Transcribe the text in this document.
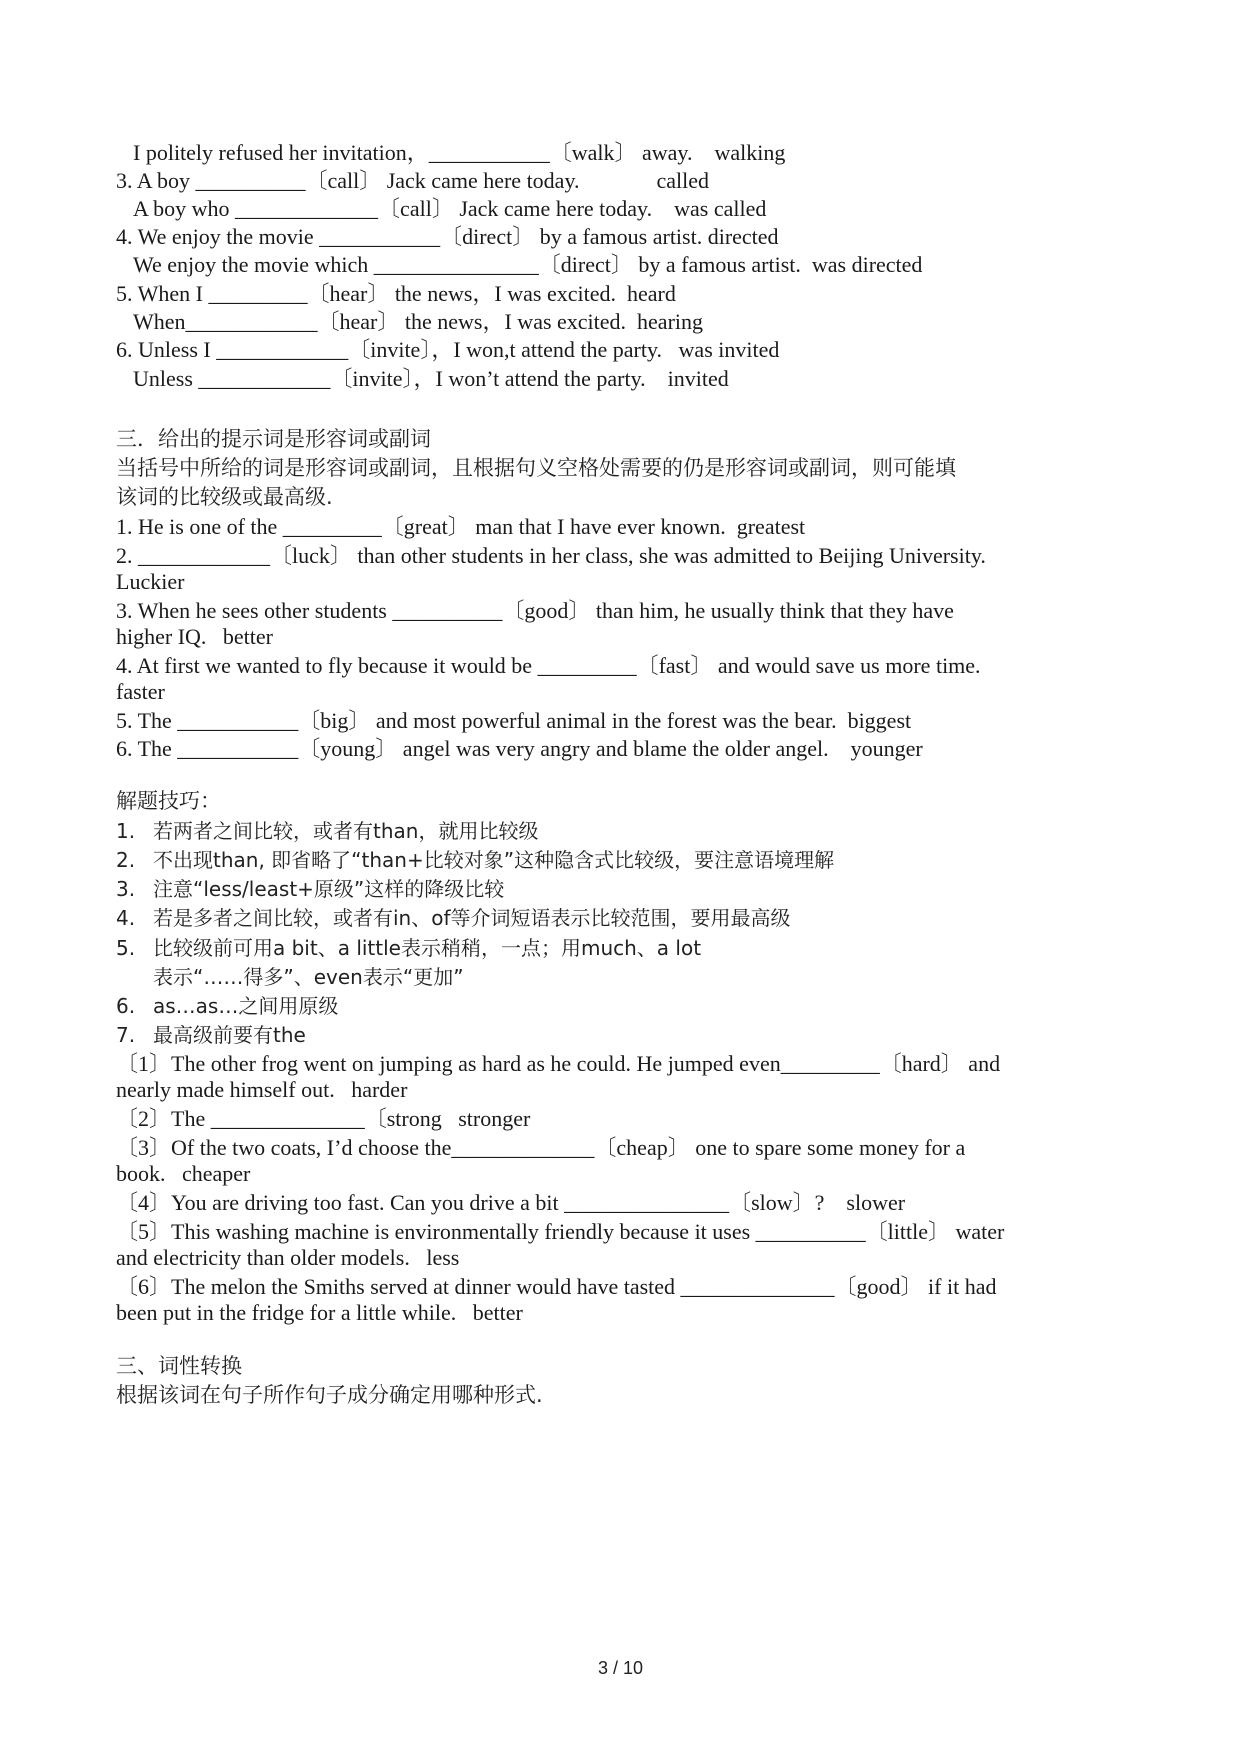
I politely refused her invitation，___________〔walk〕 away.    walking
3. A boy __________〔call〕 Jack came here today.              called
A boy who _____________〔call〕 Jack came here today.    was called
4. We enjoy the movie ___________〔direct〕 by a famous artist. directed
We enjoy the movie which _______________〔direct〕 by a famous artist.  was directed
5. When I _________〔hear〕 the news，I was excited.  heard
When____________〔hear〕 the news，I was excited.  hearing
6. Unless I ____________〔invite〕，I won,t attend the party.   was invited
Unless ____________〔invite〕，I won’t attend the party.    invited
三．给出的提示词是形容词或副词
当括号中所给的词是形容词或副词，且根据句义空格处需要的仍是形容词或副词，则可能填
该词的比较级或最高级.
1. He is one of the _________〔great〕 man that I have ever known.  greatest
2. ____________〔luck〕 than other students in her class, she was admitted to Beijing University.
Luckier
3. When he sees other students __________〔good〕 than him, he usually think that they have
higher IQ.   better
4. At first we wanted to fly because it would be _________〔fast〕 and would save us more time.
faster
5. The ___________〔big〕 and most powerful animal in the forest was the bear.  biggest
6. The ___________〔young〕 angel was very angry and blame the older angel.    younger
解题技巧：
1. 若两者之间比较，或者有than，就用比较级
2. 不出现than, 即省略了“than+比较对象”这种隐含式比较级，要注意语境理解
3. 注意“less/least+原级”这样的降级比较
4. 若是多者之间比较，或者有in、of等介词短语表示比较范围，要用最高级
5. 比较级前可用a bit、a little表示稍稍，一点；用much、a lot
表示“……得多”、even表示“更加”
6. as…as…之间用原级
7. 最高级前要有the
〔1〕The other frog went on jumping as hard as he could. He jumped even_________〔hard〕 and
nearly made himself out.   harder
〔2〕The ______________〔strong   stronger
〔3〕Of the two coats, I’d choose the_____________〔cheap〕 one to spare some money for a
book.   cheaper
〔4〕You are driving too fast. Can you drive a bit _______________〔slow〕?    slower
〔5〕This washing machine is environmentally friendly because it uses __________〔little〕 water
and electricity than older models.   less
〔6〕The melon the Smiths served at dinner would have tasted ______________〔good〕 if it had
been put in the fridge for a little while.   better
三、词性转换
根据该词在句子所作句子成分确定用哪种形式.
3 / 10
